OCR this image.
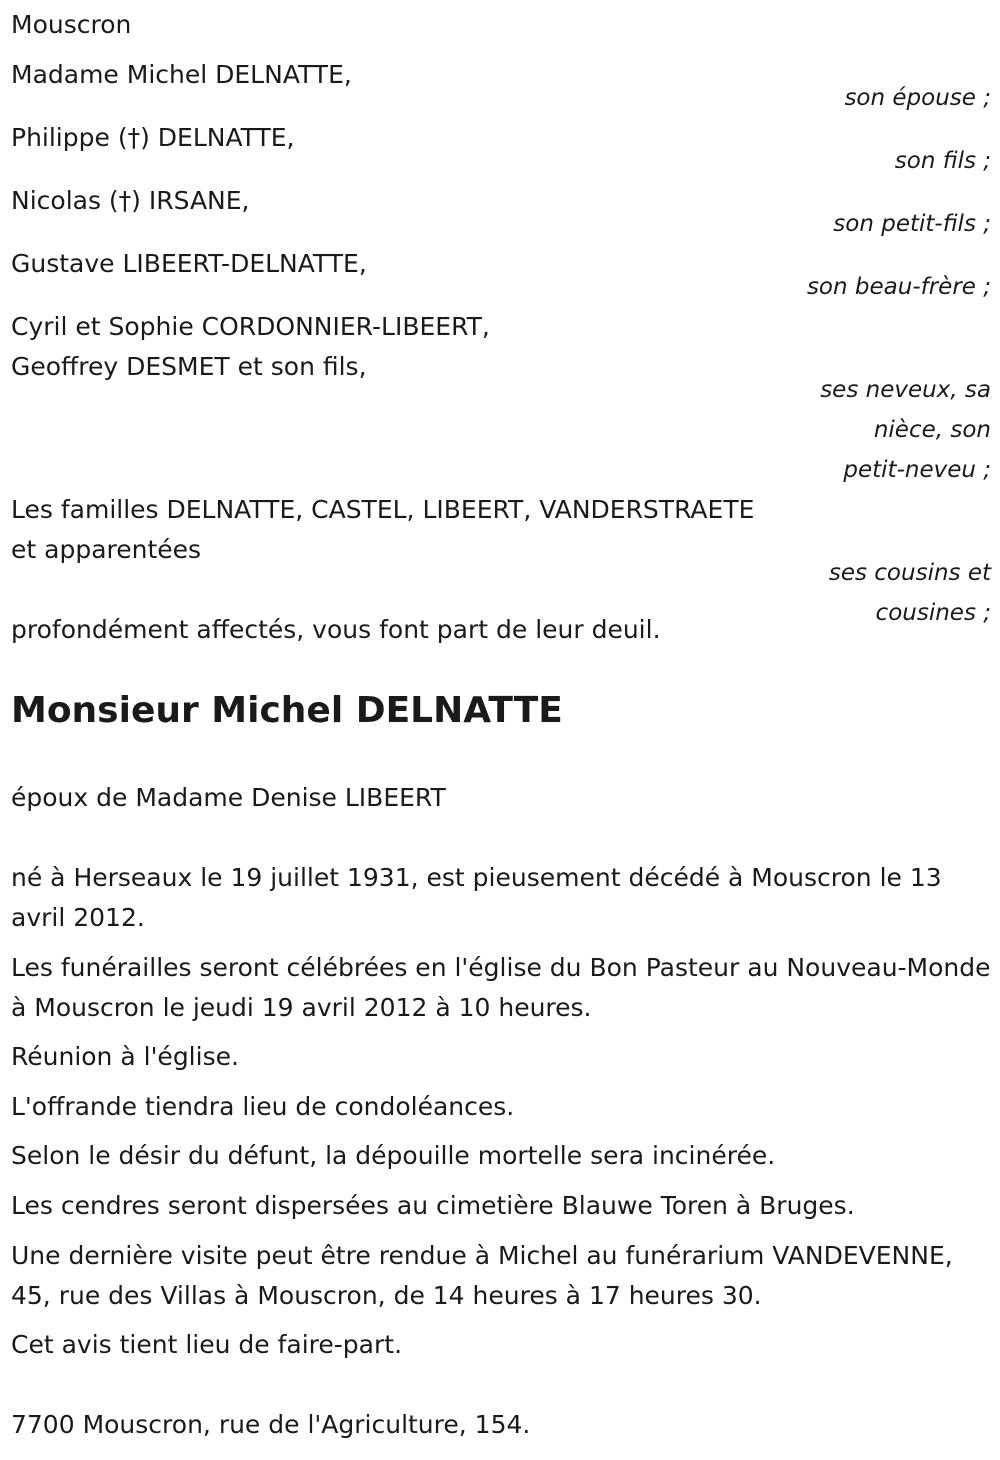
Mouscron
Madame Michel DELNATTE,
son épouse ;
Philippe (†) DELNATTE,
son fils ;
Nicolas (†) IRSANE,
son petit-fils ;
Gustave LIBEERT-DELNATTE,
son beau-frère ;
Cyril et Sophie CORDONNIER-LIBEERT,
Geoffrey DESMET et son fils,
ses neveux, sa
nièce, son
petit-neveu ;
Les familles DELNATTE, CASTEL, LIBEERT, VANDERSTRAETE
et apparentées
ses cousins et
cousines ;
profondément affectés, vous font part de leur deuil.
Monsieur Michel DELNATTE
époux de Madame Denise LIBEERT
né à Herseaux le 19 juillet 1931, est pieusement décédé à Mouscron le 13 avril 2012.
Les funérailles seront célébrées en l'église du Bon Pasteur au Nouveau-Monde à Mouscron le jeudi 19 avril 2012 à 10 heures.
Réunion à l'église.
L'offrande tiendra lieu de condoléances.
Selon le désir du défunt, la dépouille mortelle sera incinérée.
Les cendres seront dispersées au cimetière Blauwe Toren à Bruges.
Une dernière visite peut être rendue à Michel au funérarium VANDEVENNE, 45, rue des Villas à Mouscron, de 14 heures à 17 heures 30.
Cet avis tient lieu de faire-part.
7700 Mouscron, rue de l'Agriculture, 154.
